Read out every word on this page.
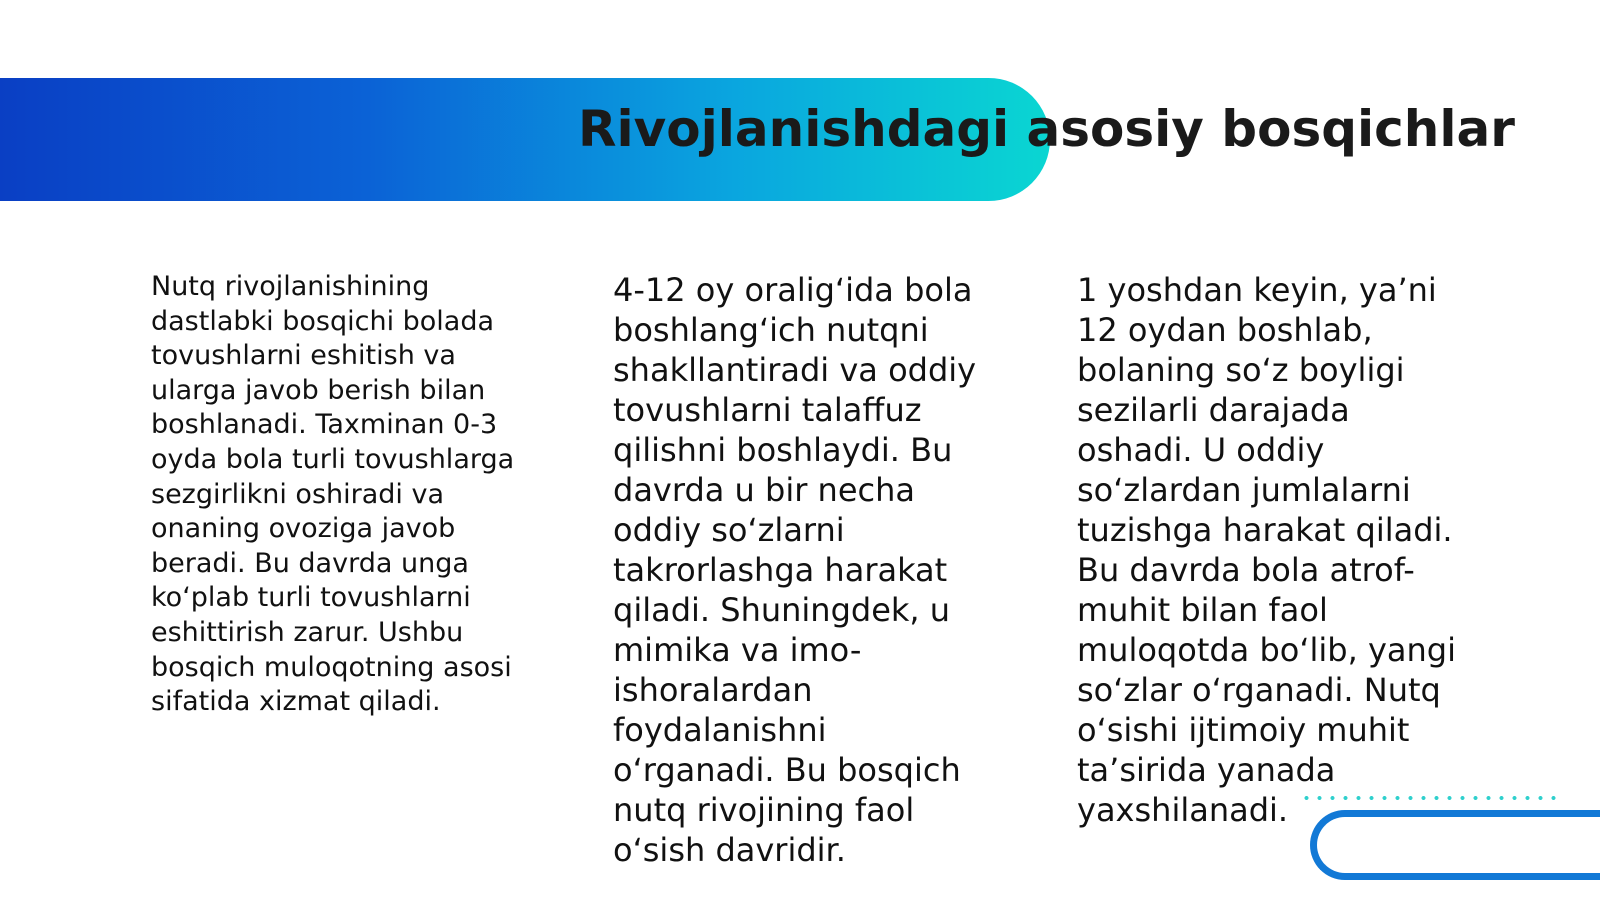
Rivojlanishdagi asosiy bosqichlar

Nutq rivojlanishining dastlabki bosqichi bolada tovushlarni eshitish va ularga javob berish bilan boshlanadi. Taxminan 0-3 oyda bola turli tovushlarga sezgirlikni oshiradi va onaning ovoziga javob beradi. Bu davrda unga ko‘plab turli tovushlarni eshittirish zarur. Ushbu bosqich muloqotning asosi sifatida xizmat qiladi.

4-12 oy oralig‘ida bola boshlang‘ich nutqni shakllantiradi va oddiy tovushlarni talaffuz qilishni boshlaydi. Bu davrda u bir necha oddiy so‘zlarni takrorlashga harakat qiladi. Shuningdek, u mimika va imo-ishoralardan foydalanishni o‘rganadi. Bu bosqich nutq rivojining faol o‘sish davridir.

1 yoshdan keyin, ya’ni 12 oydan boshlab, bolaning so‘z boyligi sezilarli darajada oshadi. U oddiy so‘zlardan jumlalarni tuzishga harakat qiladi. Bu davrda bola atrof-muhit bilan faol muloqotda bo‘lib, yangi so‘zlar o‘rganadi. Nutq o‘sishi ijtimoiy muhit ta’sirida yanada yaxshilanadi.
